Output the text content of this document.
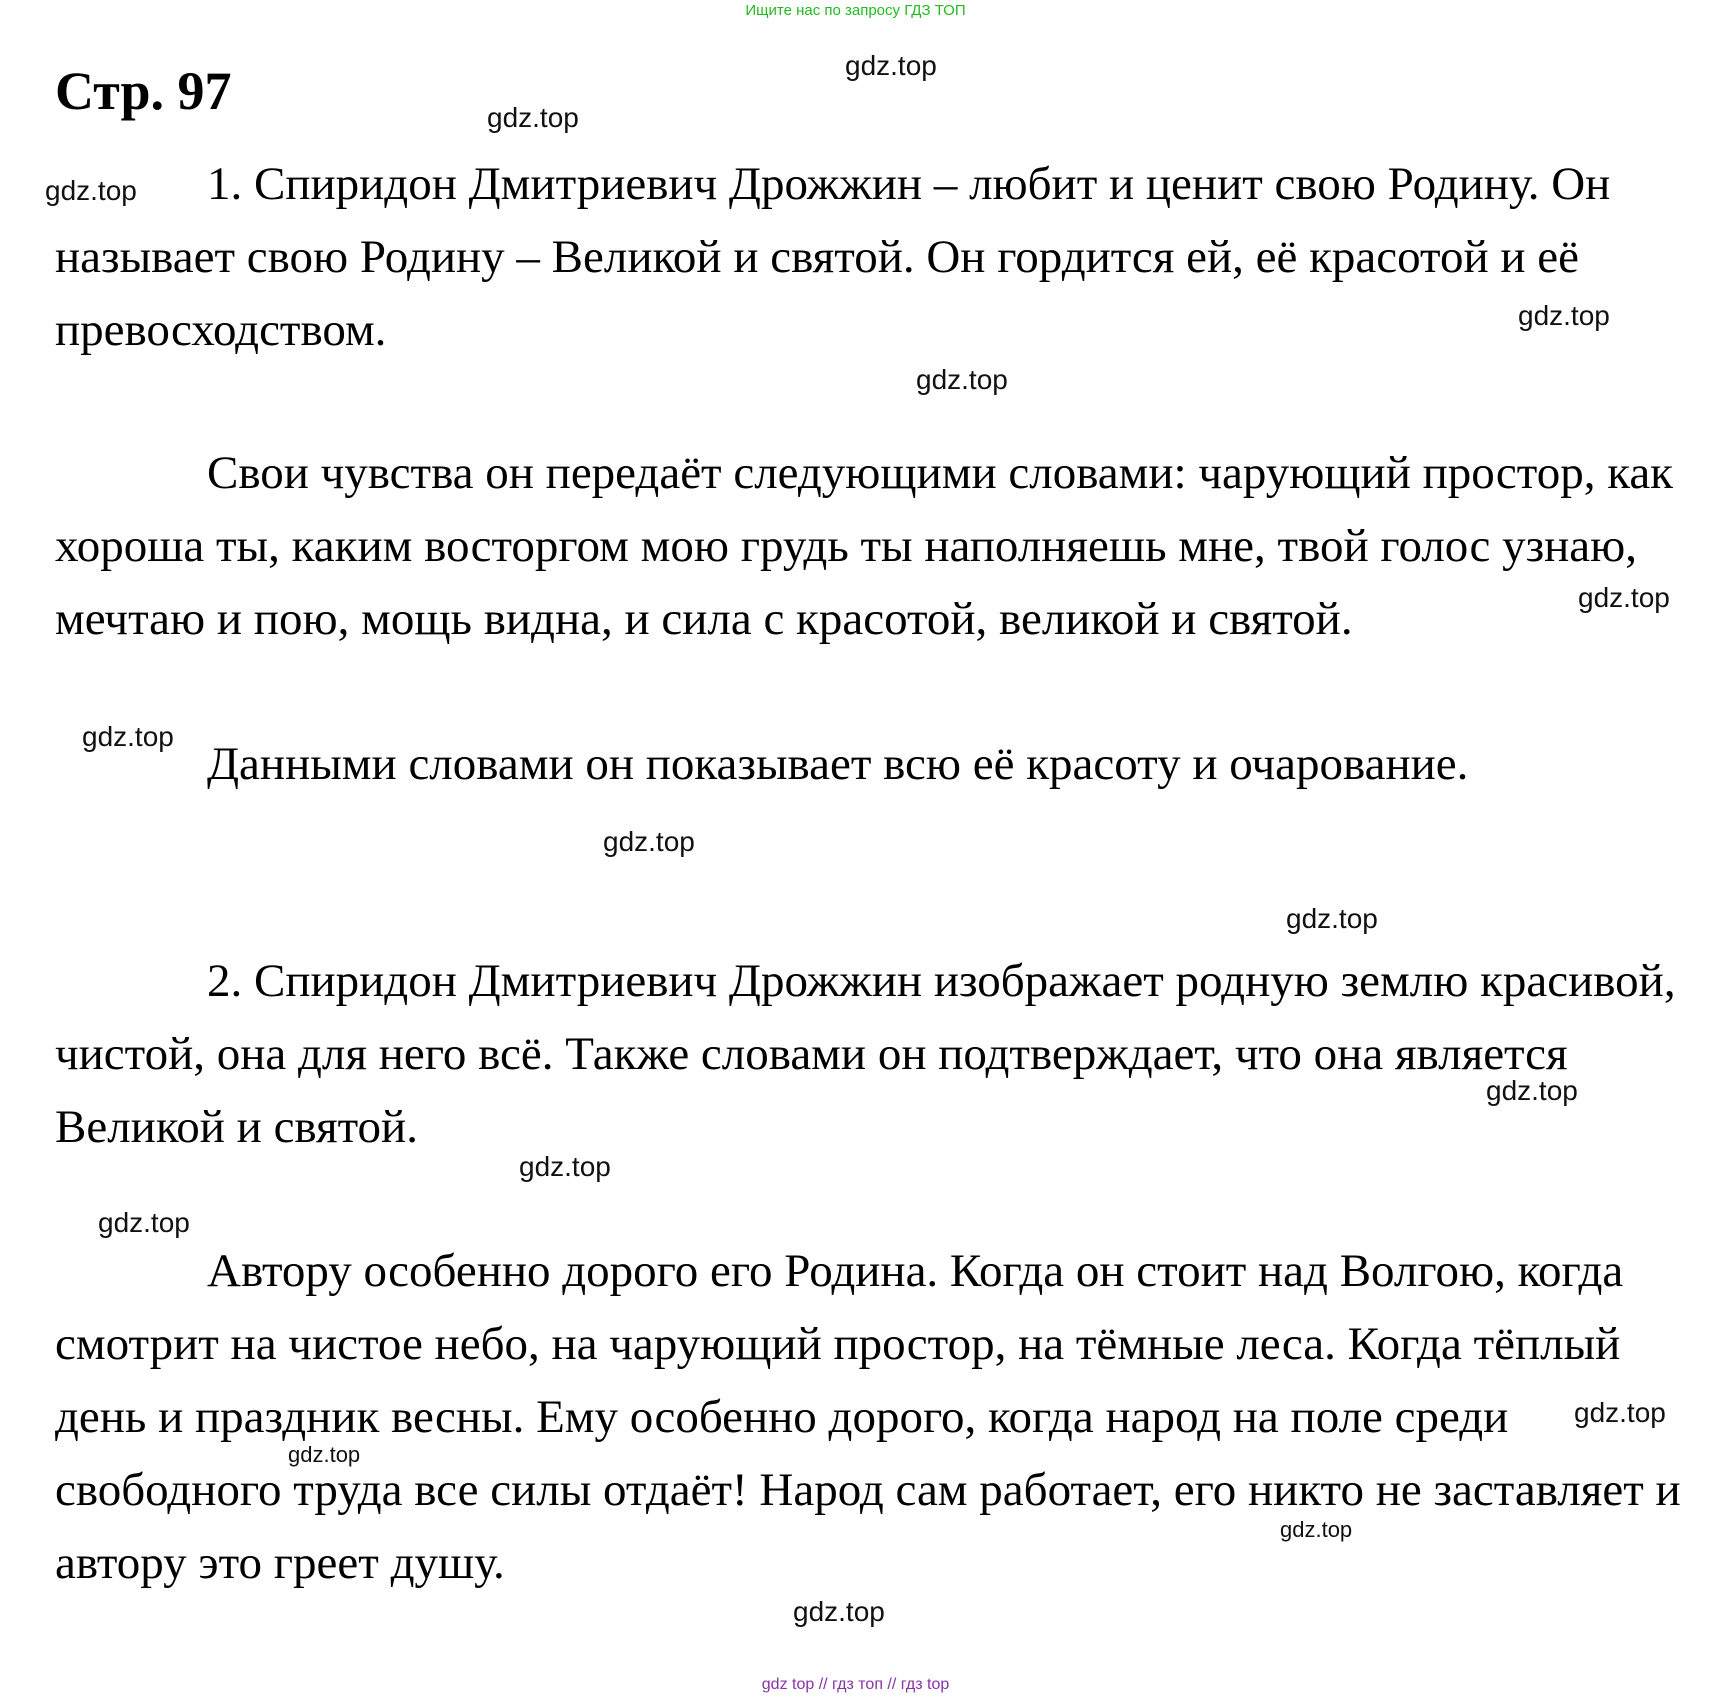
Ищите нас по запросу ГДЗ ТОП
Стр. 97

1. Спиридон Дмитриевич Дрожжин – любит и ценит свою Родину. Он называет свою Родину – Великой и святой. Он гордится ей, её красотой и её превосходством.

Свои чувства он передаёт следующими словами: чарующий простор, как хороша ты, каким восторгом мою грудь ты наполняешь мне, твой голос узнаю, мечтаю и пою, мощь видна, и сила с красотой, великой и святой.

Данными словами он показывает всю её красоту и очарование.

2. Спиридон Дмитриевич Дрожжин изображает родную землю красивой, чистой, она для него всё. Также словами он подтверждает, что она является Великой и святой.

Автору особенно дорого его Родина. Когда он стоит над Волгою, когда смотрит на чистое небо, на чарующий простор, на тёмные леса. Когда тёплый день и праздник весны. Ему особенно дорого, когда народ на поле среди свободного труда все силы отдаёт! Народ сам работает, его никто не заставляет и автору это греет душу.

gdz.top
gdz.top
gdz.top
gdz.top
gdz.top
gdz.top
gdz.top
gdz.top
gdz.top
gdz.top
gdz.top
gdz.top
gdz.top
gdz.top
gdz.top
gdz.top
gdz top // гдз топ // гдз top
